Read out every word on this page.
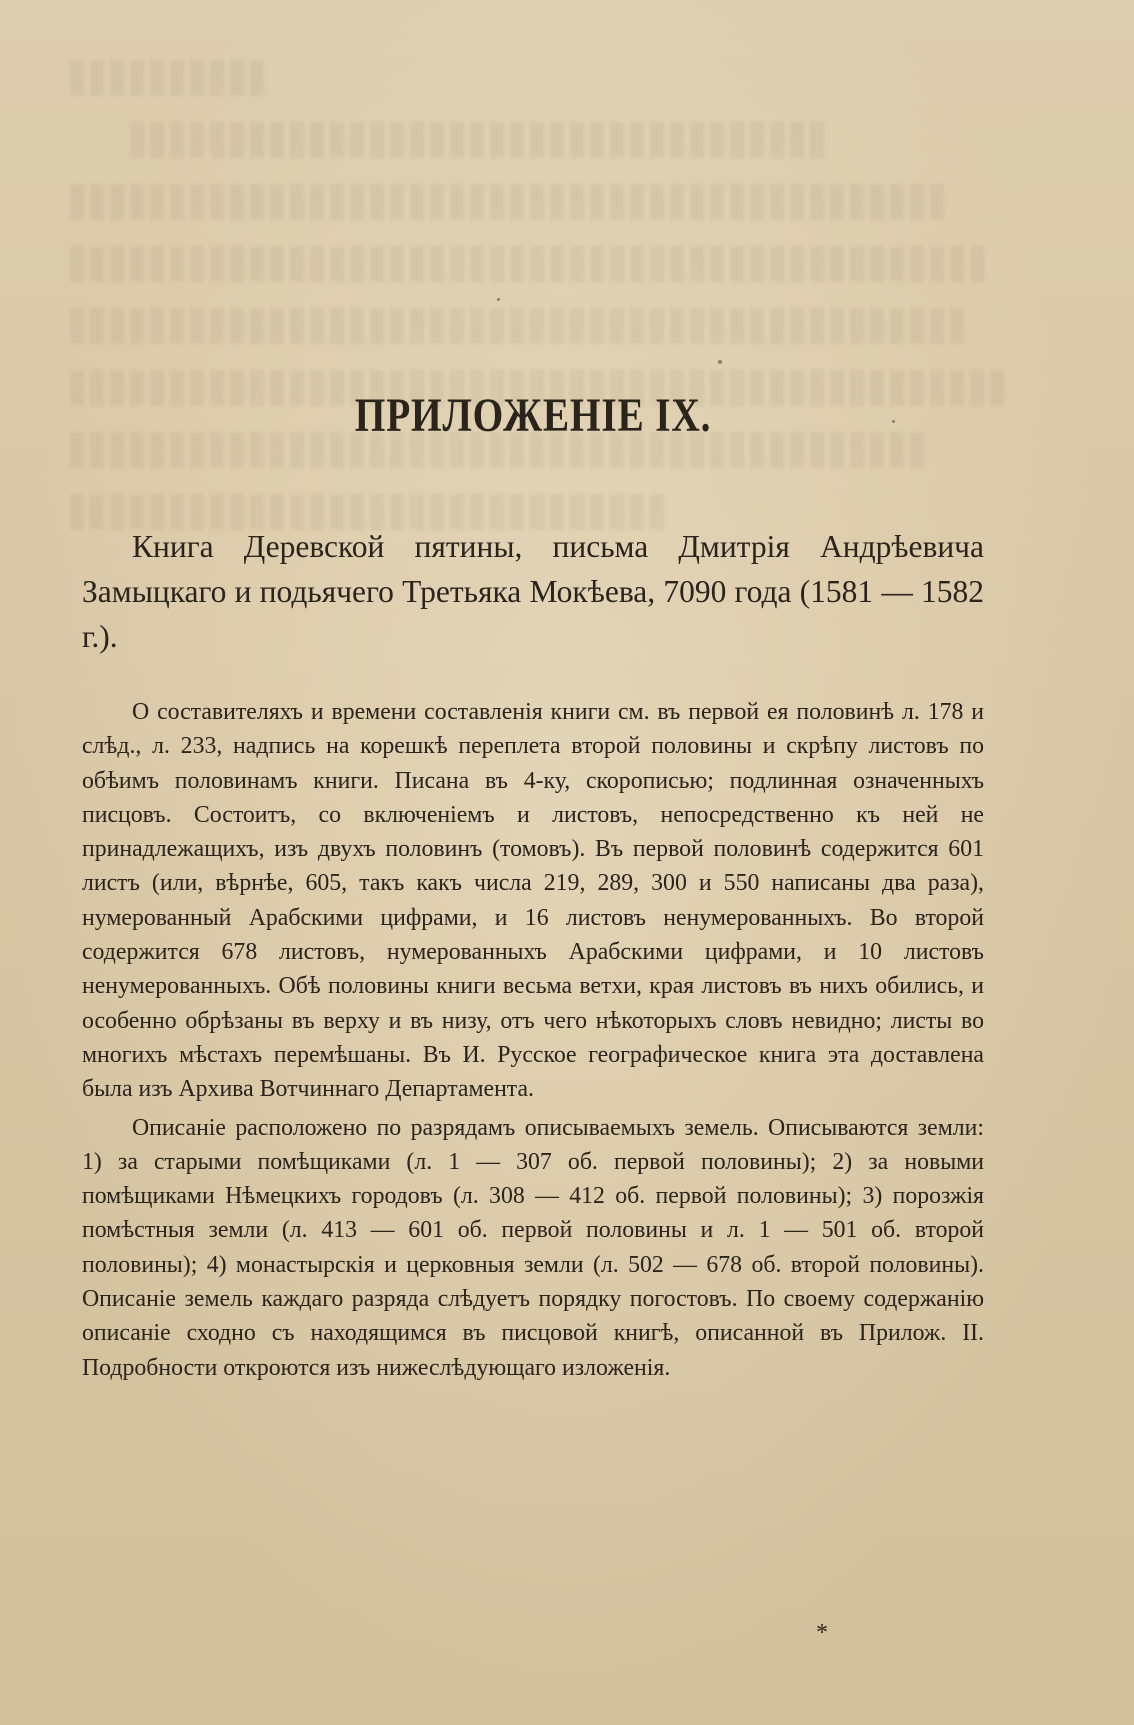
ПРИЛОЖЕНІЕ IX.

Книга Деревской пятины, письма Дмитрія Андрѣевича Замыцкаго и подьячего Третьяка Мокѣева, 7090 года (1581 — 1582 г.).

О составителяхъ и времени составленія книги см. въ первой ея половинѣ л. 178 и слѣд., л. 233, надпись на корешкѣ переплета второй половины и скрѣпу листовъ по обѣимъ половинамъ книги. Писана въ 4-ку, скорописью; подлинная означенныхъ писцовъ. Состоитъ, со включеніемъ и листовъ, непосредственно къ ней не принадлежащихъ, изъ двухъ половинъ (томовъ). Въ первой половинѣ содержится 601 листъ (или, вѣрнѣе, 605, такъ какъ числа 219, 289, 300 и 550 написаны два раза), нумерованный Арабскими цифрами, и 16 листовъ ненумерованныхъ. Во второй содержится 678 листовъ, нумерованныхъ Арабскими цифрами, и 10 листовъ ненумерованныхъ. Обѣ половины книги весьма ветхи, края листовъ въ нихъ обились, и особенно обрѣзаны въ верху и въ низу, отъ чего нѣкоторыхъ словъ невидно; листы во многихъ мѣстахъ перемѣшаны. Въ И. Русское географическое книга эта доставлена была изъ Архива Вотчиннаго Департамента.

Описаніе расположено по разрядамъ описываемыхъ земель. Описываются земли: 1) за старыми помѣщиками (л. 1 — 307 об. первой половины); 2) за новыми помѣщиками Нѣмецкихъ городовъ (л. 308 — 412 об. первой половины); 3) порозжія помѣстныя земли (л. 413 — 601 об. первой половины и л. 1 — 501 об. второй половины); 4) монастырскія и церковныя земли (л. 502 — 678 об. второй половины). Описаніе земель каждаго разряда слѣдуетъ порядку погостовъ. По своему содержанію описаніе сходно съ находящимся въ писцовой книгѣ, описанной въ Прилож. II. Подробности откроются изъ нижеслѣдующаго изложенія.

*
